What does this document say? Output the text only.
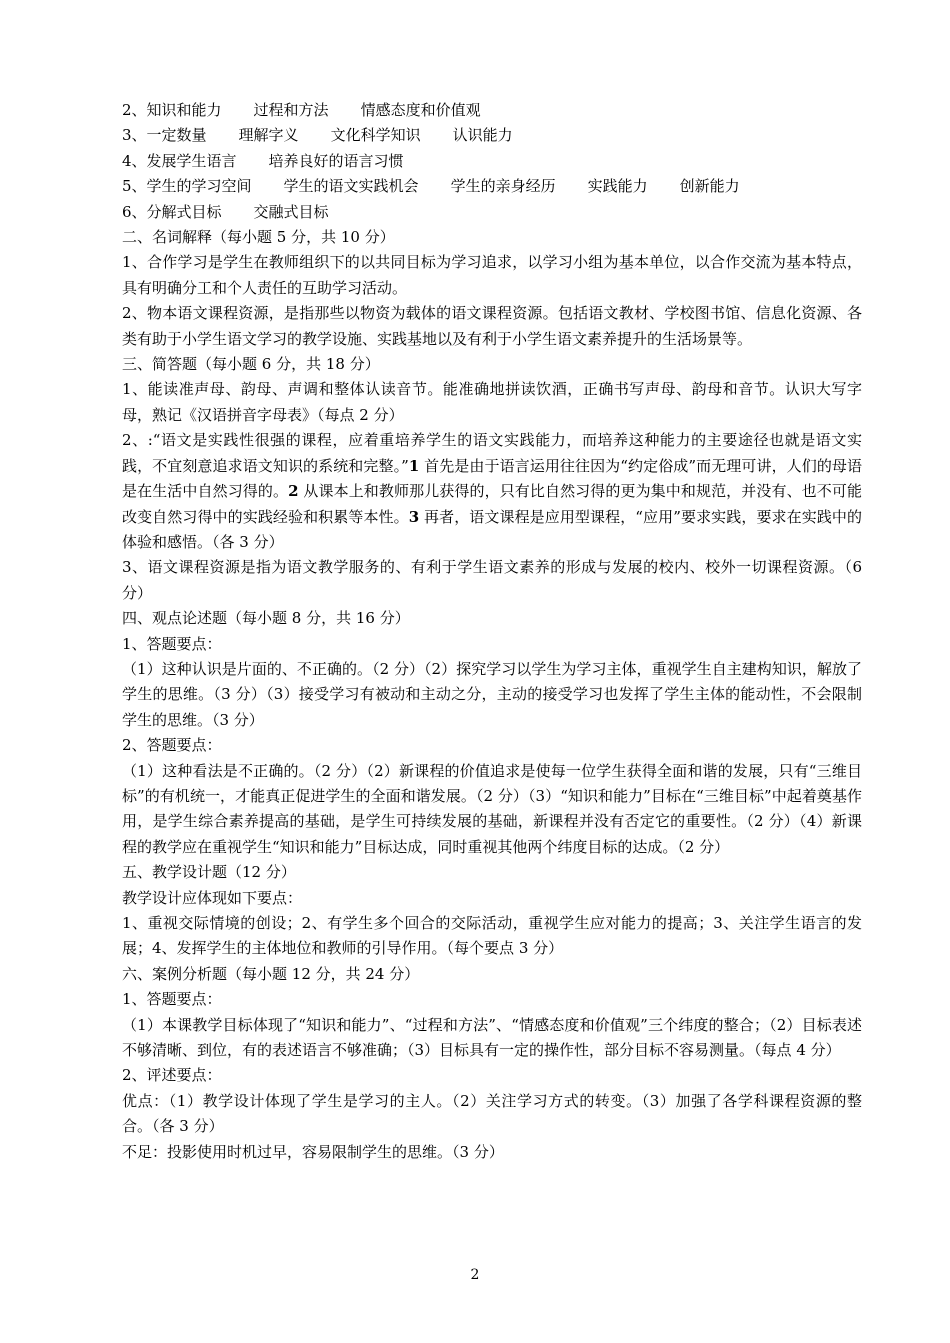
2、知识和能力 过程和方法 情感态度和价值观
3、一定数量 理解字义 文化科学知识 认识能力
4、发展学生语言 培养良好的语言习惯
5、学生的学习空间 学生的语文实践机会 学生的亲身经历 实践能力 创新能力
6、分解式目标 交融式目标

二、名词解释（每小题 5 分，共 10 分）

1、合作学习是学生在教师组织下的以共同目标为学习追求，以学习小组为基本单位，以合作交流为基本特点，具有明确分工和个人责任的互助学习活动。

2、物本语文课程资源，是指那些以物资为载体的语文课程资源。包括语文教材、学校图书馆、信息化资源、各类有助于小学生语文学习的教学设施、实践基地以及有利于小学生语文素养提升的生活场景等。

三、简答题（每小题 6 分，共 18 分）

1、能读准声母、韵母、声调和整体认读音节。能准确地拼读饮酒，正确书写声母、韵母和音节。认识大写字母，熟记《汉语拼音字母表》（每点 2 分）

2、:“语文是实践性很强的课程，应着重培养学生的语文实践能力，而培养这种能力的主要途径也就是语文实践，不宜刻意追求语文知识的系统和完整。”1 首先是由于语言运用往往因为“约定俗成”而无理可讲，人们的母语是在生活中自然习得的。2 从课本上和教师那儿获得的，只有比自然习得的更为集中和规范，并没有、也不可能改变自然习得中的实践经验和积累等本性。3 再者，语文课程是应用型课程，“应用”要求实践，要求在实践中的体验和感悟。（各 3 分）

3、语文课程资源是指为语文教学服务的、有利于学生语文素养的形成与发展的校内、校外一切课程资源。（6 分）

四、观点论述题（每小题 8 分，共 16 分）

1、答题要点：

（1）这种认识是片面的、不正确的。（2 分）（2）探究学习以学生为学习主体，重视学生自主建构知识，解放了学生的思维。（3 分）（3）接受学习有被动和主动之分，主动的接受学习也发挥了学生主体的能动性，不会限制学生的思维。（3 分）

2、答题要点：

（1）这种看法是不正确的。（2 分）（2）新课程的价值追求是使每一位学生获得全面和谐的发展，只有“三维目标”的有机统一，才能真正促进学生的全面和谐发展。（2 分）（3）“知识和能力”目标在“三维目标”中起着奠基作用，是学生综合素养提高的基础，是学生可持续发展的基础，新课程并没有否定它的重要性。（2 分）（4）新课程的教学应在重视学生“知识和能力”目标达成，同时重视其他两个纬度目标的达成。（2 分）

五、教学设计题（12 分）

教学设计应体现如下要点：

1、重视交际情境的创设；2、有学生多个回合的交际活动，重视学生应对能力的提高；3、关注学生语言的发展；4、发挥学生的主体地位和教师的引导作用。（每个要点 3 分）

六、案例分析题（每小题 12 分，共 24 分）

1、答题要点：

（1）本课教学目标体现了“知识和能力”、“过程和方法”、“情感态度和价值观”三个纬度的整合；（2）目标表述不够清晰、到位，有的表述语言不够准确；（3）目标具有一定的操作性，部分目标不容易测量。（每点 4 分）

2、评述要点：

优点：（1）教学设计体现了学生是学习的主人。（2）关注学习方式的转变。（3）加强了各学科课程资源的整合。（各 3 分）

不足：投影使用时机过早，容易限制学生的思维。（3 分）

2
